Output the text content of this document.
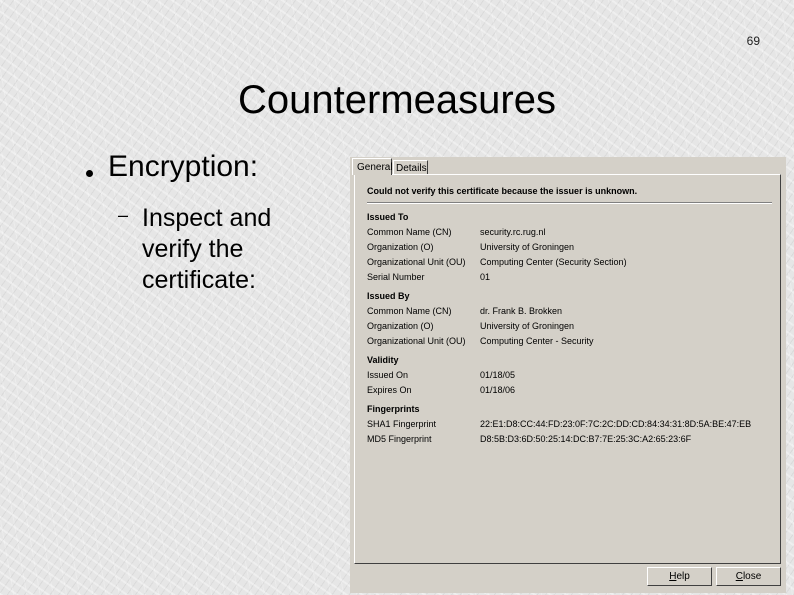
69
Countermeasures
Encryption:
– Inspect and verify the certificate:
General Details
Could not verify this certificate because the issuer is unknown.
Issued To
Common Name (CN)	security.rc.rug.nl
Organization (O)	University of Groningen
Organizational Unit (OU) Computing Center (Security Section)
Serial Number	01
Issued By
Common Name (CN)	dr. Frank B. Brokken
Organization (O)	University of Groningen
Organizational Unit (OU) Computing Center - Security
Validity
Issued On	01/18/05
Expires On	01/18/06
Fingerprints
SHA1 Fingerprint	22:E1:D8:CC:44:FD:23:0F:7C:2C:DD:CD:84:34:31:8D:5A:BE:47:EB
MD5 Fingerprint	D8:5B:D3:6D:50:25:14:DC:B7:7E:25:3C:A2:65:23:6F
Help	Close
